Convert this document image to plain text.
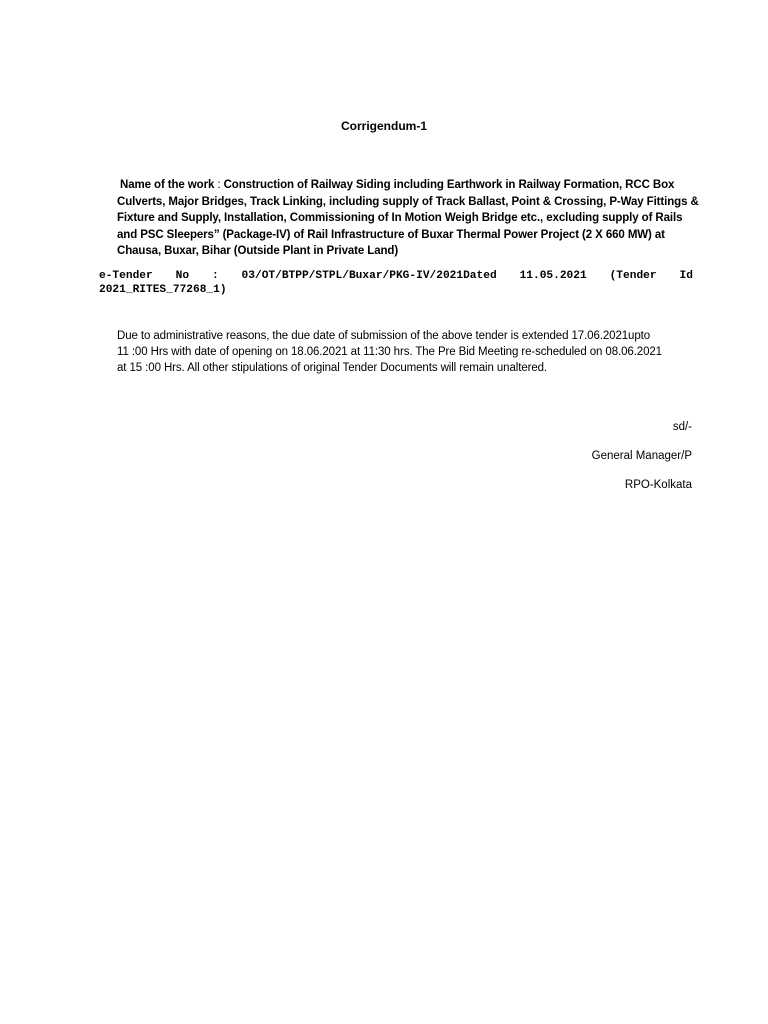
Corrigendum-1
Name of the work : Construction of Railway Siding including Earthwork in Railway Formation, RCC Box
Culverts, Major Bridges, Track Linking, including supply of Track Ballast, Point & Crossing, P-Way Fittings &
Fixture and Supply, Installation, Commissioning of In Motion Weigh Bridge etc., excluding supply of Rails
and PSC Sleepers” (Package-IV) of Rail Infrastructure of Buxar Thermal Power Project (2 X 660 MW) at
Chausa, Buxar, Bihar (Outside Plant in Private Land)
e-Tender No : 03/OT/BTPP/STPL/Buxar/PKG-IV/2021Dated 11.05.2021 (Tender Id
2021_RITES_77268_1)
Due to administrative reasons, the due date of submission of the above tender is extended 17.06.2021upto
11 :00 Hrs with date of opening on 18.06.2021 at 11:30 hrs. The Pre Bid Meeting re-scheduled on 08.06.2021
at 15 :00 Hrs. All other stipulations of original Tender Documents will remain unaltered.
sd/-
General Manager/P
RPO-Kolkata
